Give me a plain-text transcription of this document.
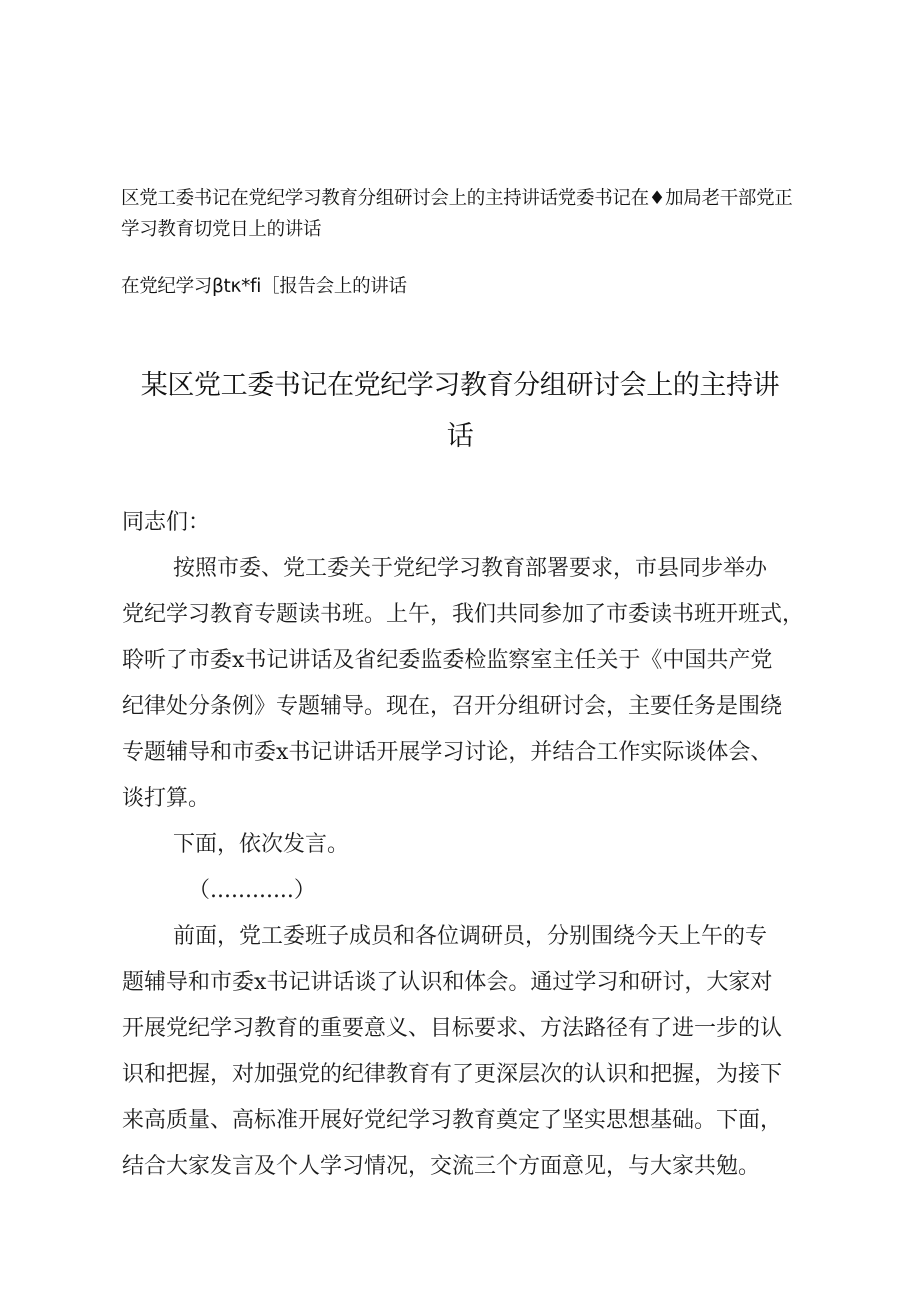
区党工委书记在党纪学习教育分组研讨会上的主持讲话党委书记在♦加局老干部党正
学习教育切党日上的讲话
在党纪学习βtκ*fi［报告会上的讲话
某区党工委书记在党纪学习教育分组研讨会上的主持讲
话
同志们：
按照市委、党工委关于党纪学习教育部署要求，市县同步举办
党纪学习教育专题读书班。上午，我们共同参加了市委读书班开班式，
聆听了市委x书记讲话及省纪委监委检监察室主任关于《中国共产党
纪律处分条例》专题辅导。现在，召开分组研讨会，主要任务是围绕
专题辅导和市委x书记讲话开展学习讨论，并结合工作实际谈体会、
谈打算。
下面，依次发言。
（............）
前面，党工委班子成员和各位调研员，分别围绕今天上午的专
题辅导和市委x书记讲话谈了认识和体会。通过学习和研讨，大家对
开展党纪学习教育的重要意义、目标要求、方法路径有了进一步的认
识和把握，对加强党的纪律教育有了更深层次的认识和把握，为接下
来高质量、高标准开展好党纪学习教育奠定了坚实思想基础。下面，
结合大家发言及个人学习情况，交流三个方面意见，与大家共勉。
